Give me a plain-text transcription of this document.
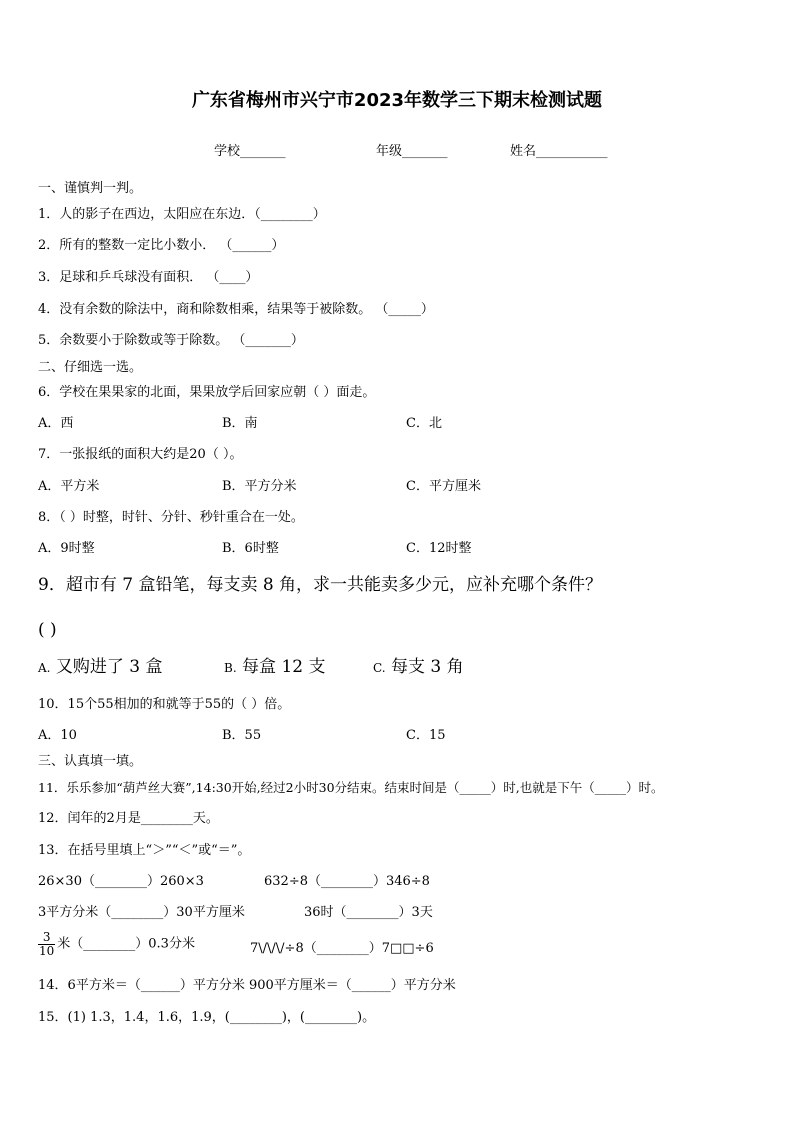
广东省梅州市兴宁市2023年数学三下期末检测试题
学校_______	年级_______	姓名___________
一、谨慎判一判。
1．人的影子在西边，太阳应在东边．（________）
2．所有的整数一定比小数小． （______）
3．足球和乒乓球没有面积． （____）
4．没有余数的除法中，商和除数相乘，结果等于被除数。 （_____）
5．余数要小于除数或等于除数。 （_______）
二、仔细选一选。
6．学校在果果家的北面，果果放学后回家应朝（ ）面走。
A．西	B．南	C．北
7．一张报纸的面积大约是20（ ）。
A．平方米	B．平方分米	C．平方厘米
8．（ ）时整，时针、分针、秒针重合在一处。
A．9时整	B．6时整	C．12时整
9．超市有 7 盒铅笔，每支卖 8 角，求一共能卖多少元，应补充哪个条件？
( )
A. 又购进了 3 盒	B. 每盒 12 支	C. 每支 3 角
10．15个55相加的和就等于55的（ ）倍。
A．10	B．55	C．15
三、认真填一填。
11．乐乐参加“葫芦丝大赛”,14:30开始,经过2小时30分结束。结束时间是（_____）时,也就是下午（_____）时。
12．闰年的2月是________天。
13．在括号里填上“＞”“＜”或“＝”。
26×30（________）260×3	632÷8（________）346÷8
3平方分米（________）30平方厘米	36时（________）3天
$\frac{3}{10}$ 米（________）0.3分米	7\/\/\/÷8（________）7□□÷6
14．6平方米＝（______）平方分米 900平方厘米＝（______）平方分米
15．(1) 1.3，1.4，1.6，1.9，(________)，(________)。
